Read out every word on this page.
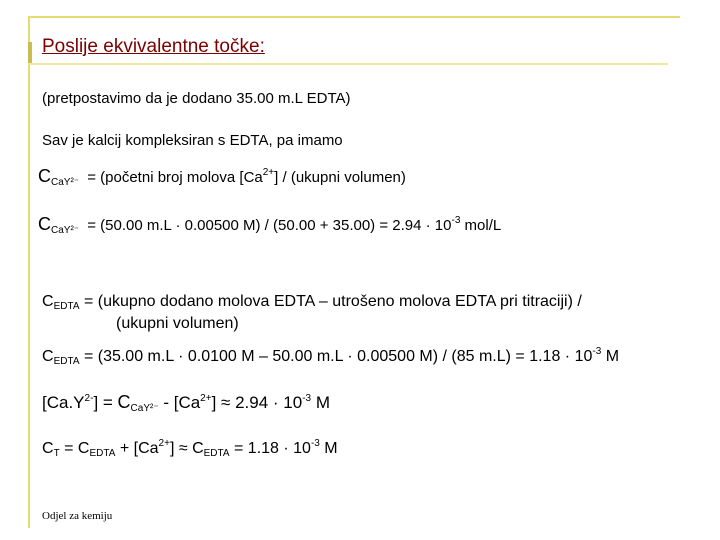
Poslije ekvivalentne točke:
(pretpostavimo da je dodano 35.00 m.L EDTA)
Sav je kalcij kompleksiran s EDTA, pa imamo
$C_{CaY^{2-}}$ = (početni broj molova $[Ca^{2+}]$ / (ukupni volumen)
$C_{CaY^{2-}} = (50.00$ m.L · 0.00500 $M) / (50.00 + 35.00) = 2.94 \cdot 10^{-3}$ mol/L
$C_{EDTA}$ = (ukupno dodano molova EDTA – utrošeno molova EDTA pri titraciji) /
(ukupni volumen)
$C_{EDTA} = (35.00$ m.L · 0.0100 M – 50.00 m.L · 0.00500 M) / (85 $m.L) = 1.18 \cdot 10^{-3}$ M
$[Ca.Y^{2-}] = C_{CaY^{2-}} - [Ca^{2+}] \approx 2.94 \cdot 10^{-3}$ M
$C_T = C_{EDTA} + [Ca^{2+}] \approx C_{EDTA} = 1.18 \cdot 10^{-3}$ M
Odjel za kemiju
